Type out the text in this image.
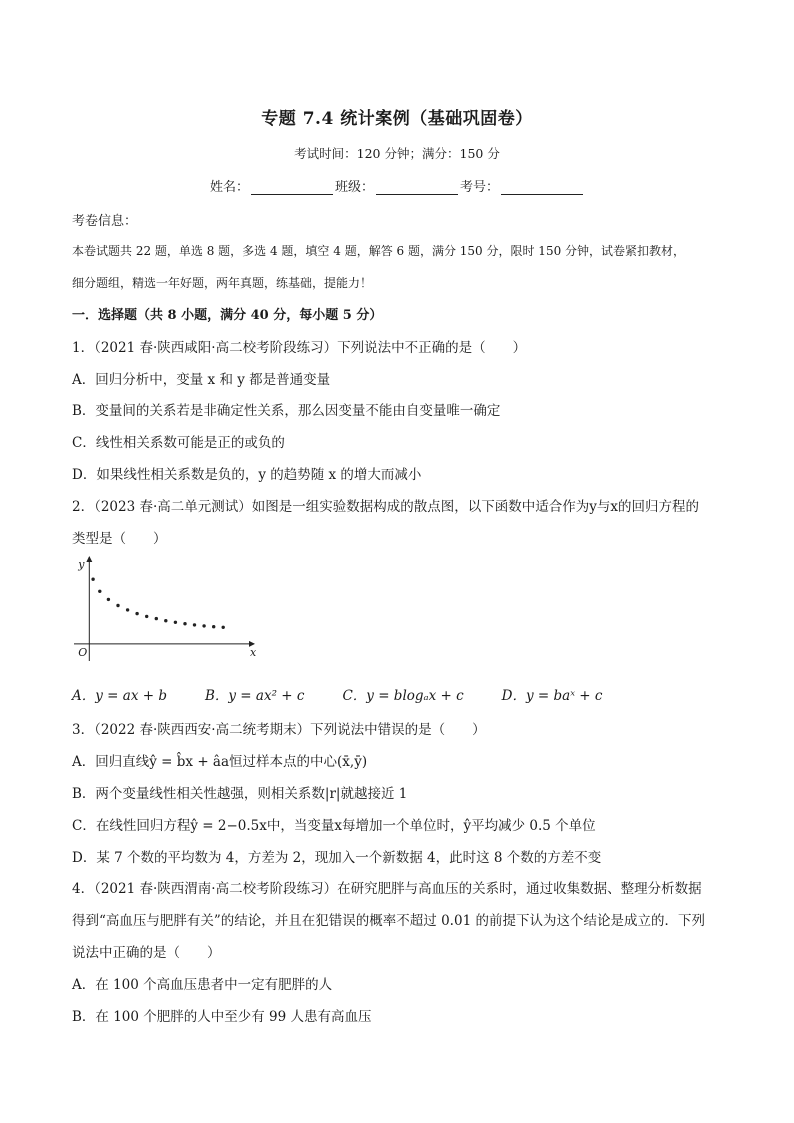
专题 7.4 统计案例（基础巩固卷）
考试时间：120 分钟；满分：150 分
姓名：	班级：	考号：
考卷信息：
本卷试题共 22 题，单选 8 题，多选 4 题，填空 4 题，解答 6 题，满分 150 分，限时 150 分钟，试卷紧扣教材，
细分题组，精选一年好题，两年真题，练基础，提能力！
一．选择题（共 8 小题，满分 40 分，每小题 5 分）
1．（2021 春·陕西咸阳·高二校考阶段练习）下列说法中不正确的是（　　）
A．回归分析中，变量 x 和 y 都是普通变量
B．变量间的关系若是非确定性关系，那么因变量不能由自变量唯一确定
C．线性相关系数可能是正的或负的
D．如果线性相关系数是负的，y 的趋势随 x 的增大而减小
2．（2023 春·高二单元测试）如图是一组实验数据构成的散点图，以下函数中适合作为y与x的回归方程的
类型是（　　）
x
y
O
A．y = ax + b	B．y = ax² + c	C．y = blogₐx + c	D．y = baˣ + c
3．（2022 春·陕西西安·高二统考期末）下列说法中错误的是（　　）
A．回归直线ŷ = b̂x + âa恒过样本点的中心(x̄,ȳ)
B．两个变量线性相关性越强，则相关系数|r|就越接近 1
C．在线性回归方程ŷ = 2−0.5x中，当变量x每增加一个单位时，ŷ平均减少 0.5 个单位
D．某 7 个数的平均数为 4，方差为 2，现加入一个新数据 4，此时这 8 个数的方差不变
4．（2021 春·陕西渭南·高二校考阶段练习）在研究肥胖与高血压的关系时，通过收集数据、整理分析数据
得到“高血压与肥胖有关”的结论，并且在犯错误的概率不超过 0.01 的前提下认为这个结论是成立的．下列
说法中正确的是（　　）
A．在 100 个高血压患者中一定有肥胖的人
B．在 100 个肥胖的人中至少有 99 人患有高血压
